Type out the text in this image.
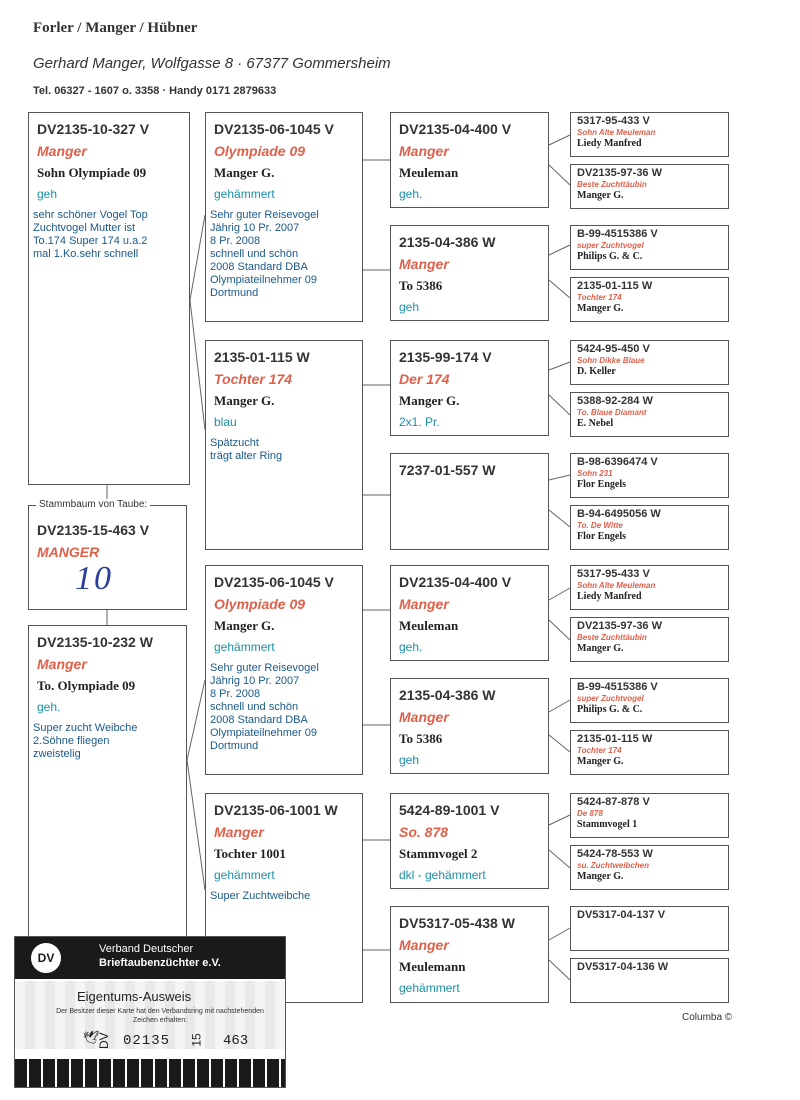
Forler / Manger / Hübner
Gerhard Manger, Wolfgasse 8 · 67377 Gommersheim
Tel. 06327 - 1607 o. 3358 · Handy 0171 2879633
DV2135-10-327 V
Manger
Sohn Olympiade 09
geh
sehr schöner Vogel Top
Zuchtvogel Mutter ist
To.174 Super 174 u.a.2
mal 1.Ko.sehr schnell
DV2135-15-463 V
MANGER
Stammbaum von Taube:
10
DV2135-10-232 W
Manger
To. Olympiade 09
geh.
Super zucht Weibche
2.Söhne fliegen
zweistelig
DV2135-06-1045 V
Olympiade 09
Manger G.
gehämmert
Sehr guter Reisevogel
Jährig 10 Pr. 2007
8 Pr. 2008
schnell und schön
2008 Standard DBA
Olympiateilnehmer 09
Dortmund
2135-01-115 W
Tochter 174
Manger G.
blau
Spätzucht
trägt alter Ring
DV2135-06-1045 V
Olympiade 09
Manger G.
gehämmert
Sehr guter Reisevogel
Jährig 10 Pr. 2007
8 Pr. 2008
schnell und schön
2008 Standard DBA
Olympiateilnehmer 09
Dortmund
DV2135-06-1001 W
Manger
Tochter 1001
gehämmert
Super Zuchtweibche
DV2135-04-400 V
Manger
Meuleman
geh.
2135-04-386 W
Manger
To 5386
geh
2135-99-174 V
Der 174
Manger G.
2x1. Pr.
7237-01-557 W
DV2135-04-400 V
Manger
Meuleman
geh.
2135-04-386 W
Manger
To 5386
geh
5424-89-1001 V
So. 878
Stammvogel 2
dkl - gehämmert
DV5317-05-438 W
Manger
Meulemann
gehämmert
5317-95-433 V
Sohn Alte Meuleman
Liedy Manfred
DV2135-97-36 W
Beste Zuchttäubin
Manger G.
B-99-4515386 V
super Zuchtvogel
Philips G. & C.
2135-01-115 W
Tochter 174
Manger G.
5424-95-450 V
Sohn Dikke Blaue
D. Keller
5388-92-284 W
To. Blaue Diamant
E. Nebel
B-98-6396474 V
Sohn 231
Flor Engels
B-94-6495056 W
To. De Witte
Flor Engels
5317-95-433 V
Sohn Alte Meuleman
Liedy Manfred
DV2135-97-36 W
Beste Zuchttäubin
Manger G.
B-99-4515386 V
super Zuchtvogel
Philips G. & C.
2135-01-115 W
Tochter 174
Manger G.
5424-87-878 V
De 878
Stammvogel 1
5424-78-553 W
su. Zuchtweibchen
Manger G.
DV5317-04-137 V
DV5317-04-136 W
Columba ©
DV
Verband Deutscher
Brieftaubenzüchter e.V.
Eigentums-Ausweis
Der Besitzer dieser Karte hat den Verbandsring mit nachstehenden Zeichen erhalten:
🕊
DV 02135 15 463
